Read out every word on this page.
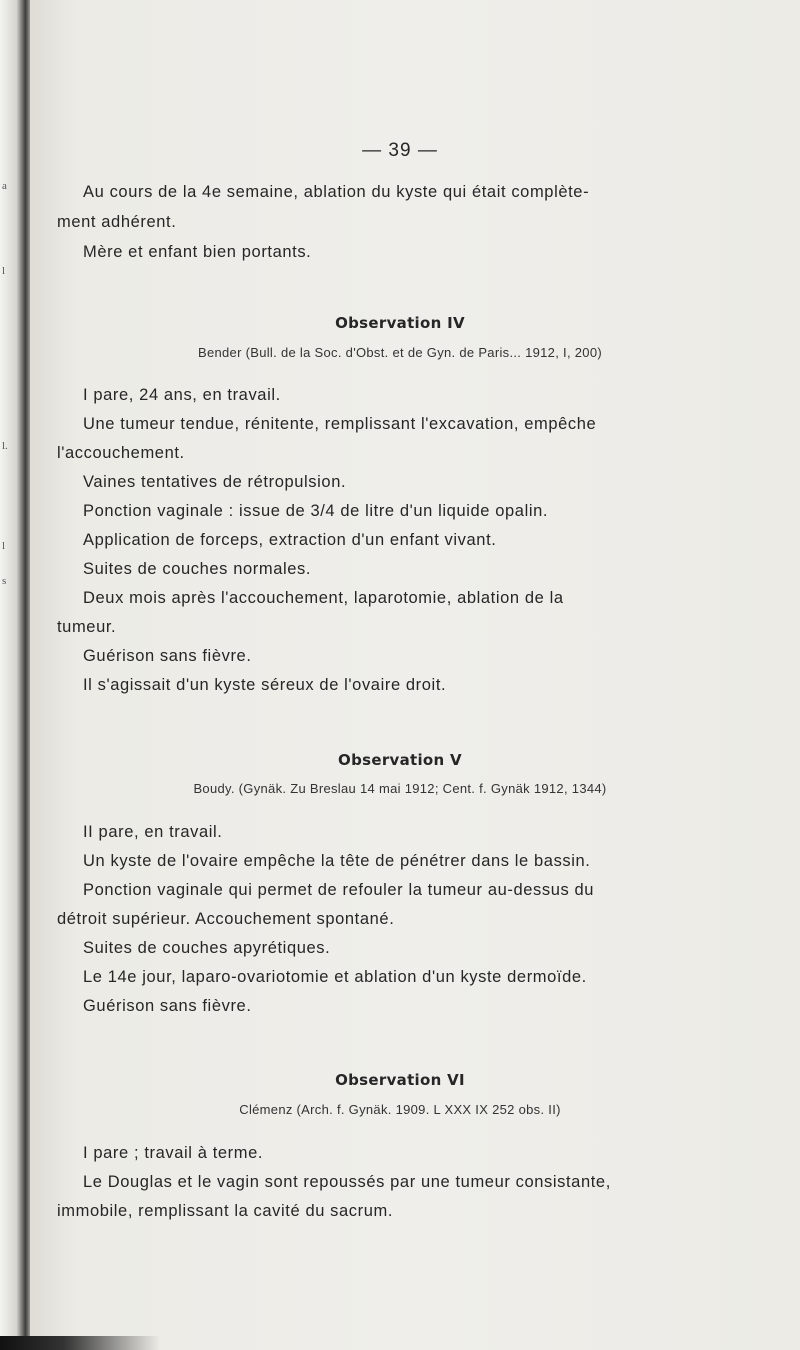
a
l
l.
l
s
— 39 —
Au cours de la 4e semaine, ablation du kyste qui était complète-
ment adhérent.
Mère et enfant bien portants.
Observation IV
Bender (Bull. de la Soc. d'Obst. et de Gyn. de Paris... 1912, I, 200)
I pare, 24 ans, en travail.
Une tumeur tendue, rénitente, remplissant l'excavation, empêche
l'accouchement.
Vaines tentatives de rétropulsion.
Ponction vaginale : issue de 3/4 de litre d'un liquide opalin.
Application de forceps, extraction d'un enfant vivant.
Suites de couches normales.
Deux mois après l'accouchement, laparotomie, ablation de la
tumeur.
Guérison sans fièvre.
Il s'agissait d'un kyste séreux de l'ovaire droit.
Observation V
Boudy. (Gynäk. Zu Breslau 14 mai 1912; Cent. f. Gynäk 1912, 1344)
II pare, en travail.
Un kyste de l'ovaire empêche la tête de pénétrer dans le bassin.
Ponction vaginale qui permet de refouler la tumeur au-dessus du
détroit supérieur. Accouchement spontané.
Suites de couches apyrétiques.
Le 14e jour, laparo-ovariotomie et ablation d'un kyste dermoïde.
Guérison sans fièvre.
Observation VI
Clémenz (Arch. f. Gynäk. 1909. L XXX IX 252 obs. II)
I pare ; travail à terme.
Le Douglas et le vagin sont repoussés par une tumeur consistante,
immobile, remplissant la cavité du sacrum.
